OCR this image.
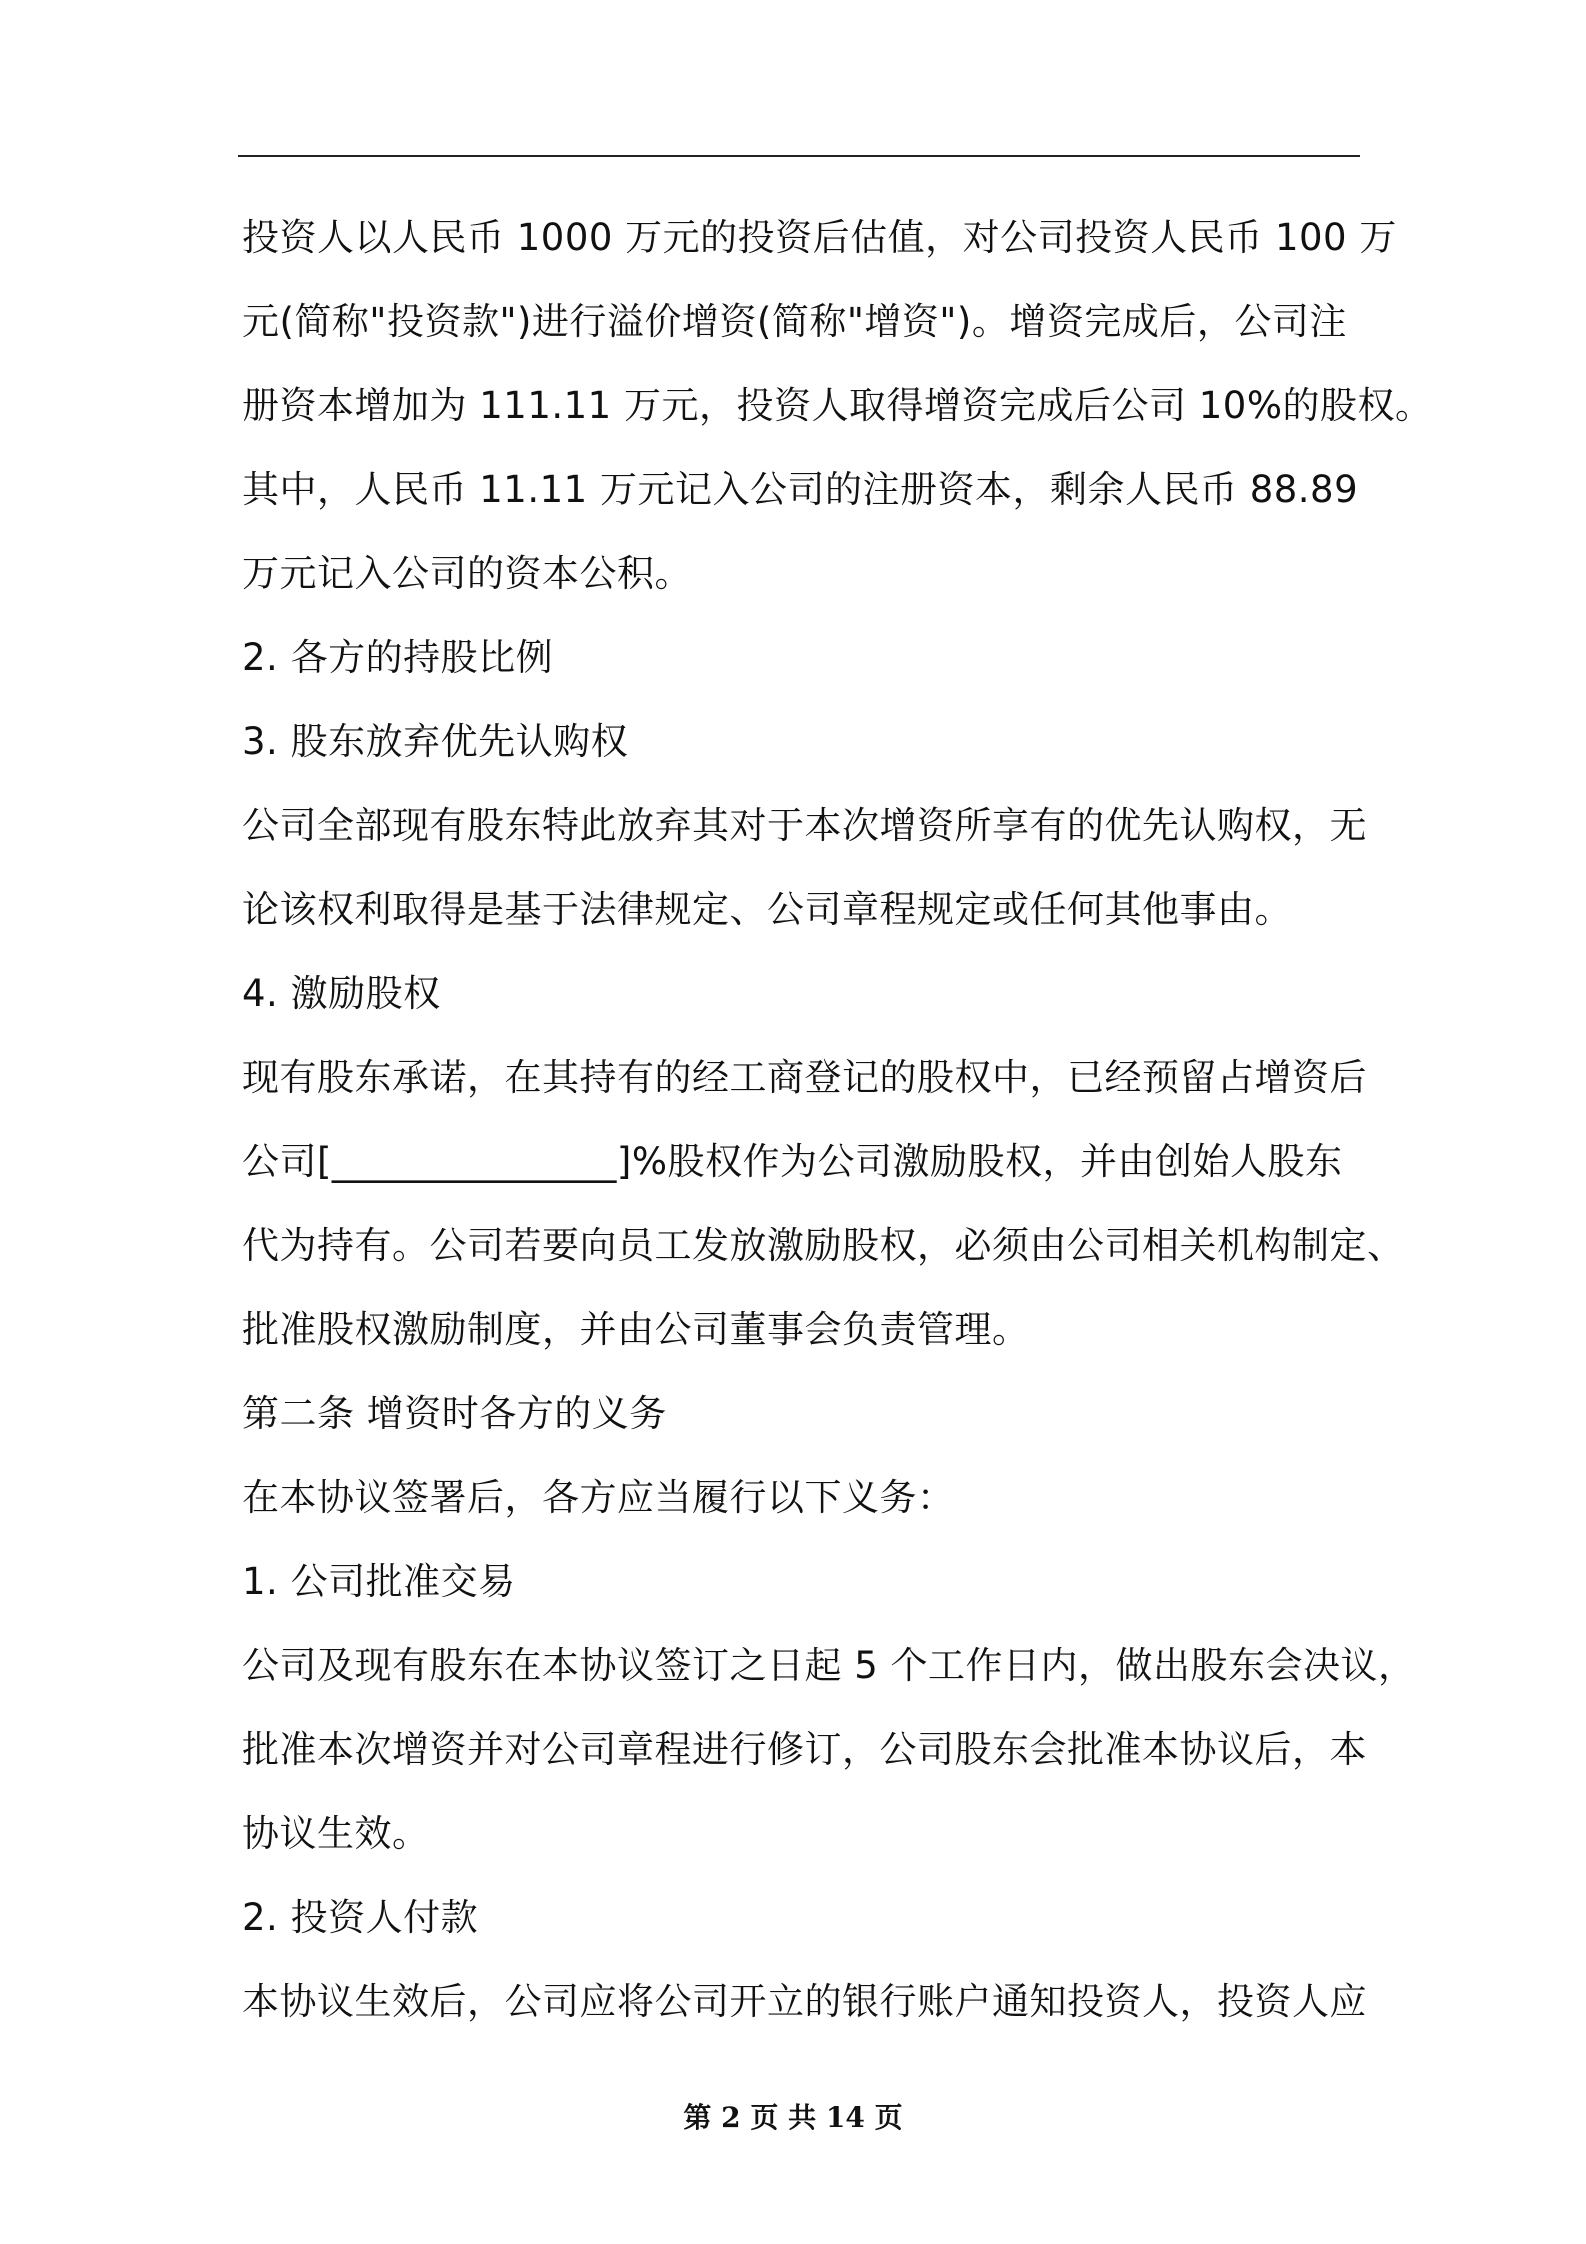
投资人以人民币 1000 万元的投资后估值，对公司投资人民币 100 万
元(简称"投资款")进行溢价增资(简称"增资")。增资完成后，公司注
册资本增加为 111.11 万元，投资人取得增资完成后公司 10%的股权。
其中，人民币 11.11 万元记入公司的注册资本，剩余人民币 88.89
万元记入公司的资本公积。
2. 各方的持股比例
3. 股东放弃优先认购权
公司全部现有股东特此放弃其对于本次增资所享有的优先认购权，无
论该权利取得是基于法律规定、公司章程规定或任何其他事由。
4. 激励股权
现有股东承诺，在其持有的经工商登记的股权中，已经预留占增资后
公司[_______________]%股权作为公司激励股权，并由创始人股东
代为持有。公司若要向员工发放激励股权，必须由公司相关机构制定、
批准股权激励制度，并由公司董事会负责管理。
第二条 增资时各方的义务
在本协议签署后，各方应当履行以下义务：
1. 公司批准交易
公司及现有股东在本协议签订之日起 5 个工作日内，做出股东会决议，
批准本次增资并对公司章程进行修订，公司股东会批准本协议后，本
协议生效。
2. 投资人付款
本协议生效后，公司应将公司开立的银行账户通知投资人，投资人应
第 2 页 共 14 页
